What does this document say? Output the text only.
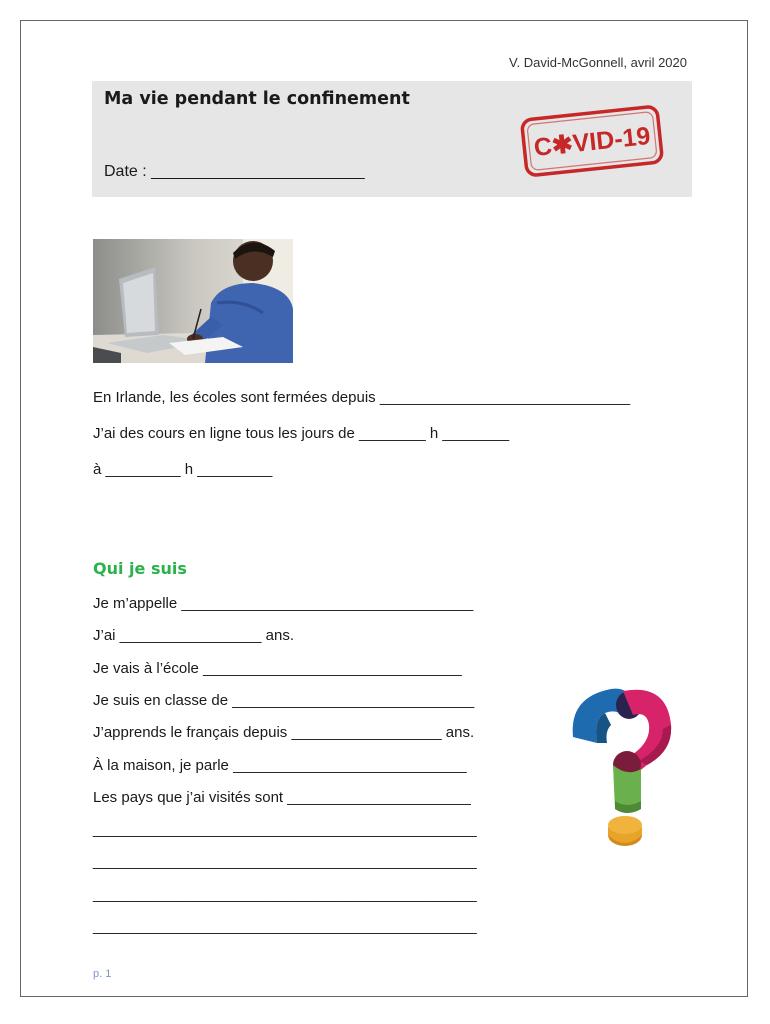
V. David-McGonnell, avril 2020
Ma vie pendant le confinement
Date : ________________________
C✱VID-19
En Irlande, les écoles sont fermées depuis ______________________________
J’ai des cours en ligne tous les jours de ________ h ________
à _________ h _________
Qui je suis
Je m’appelle ___________________________________
J’ai _________________ ans.
Je vais à l’école _______________________________
Je suis en classe de _____________________________
J’apprends le français depuis __________________ ans.
À la maison, je parle ____________________________
Les pays que j’ai visités sont ______________________
______________________________________________
______________________________________________
______________________________________________
______________________________________________
p. 1
